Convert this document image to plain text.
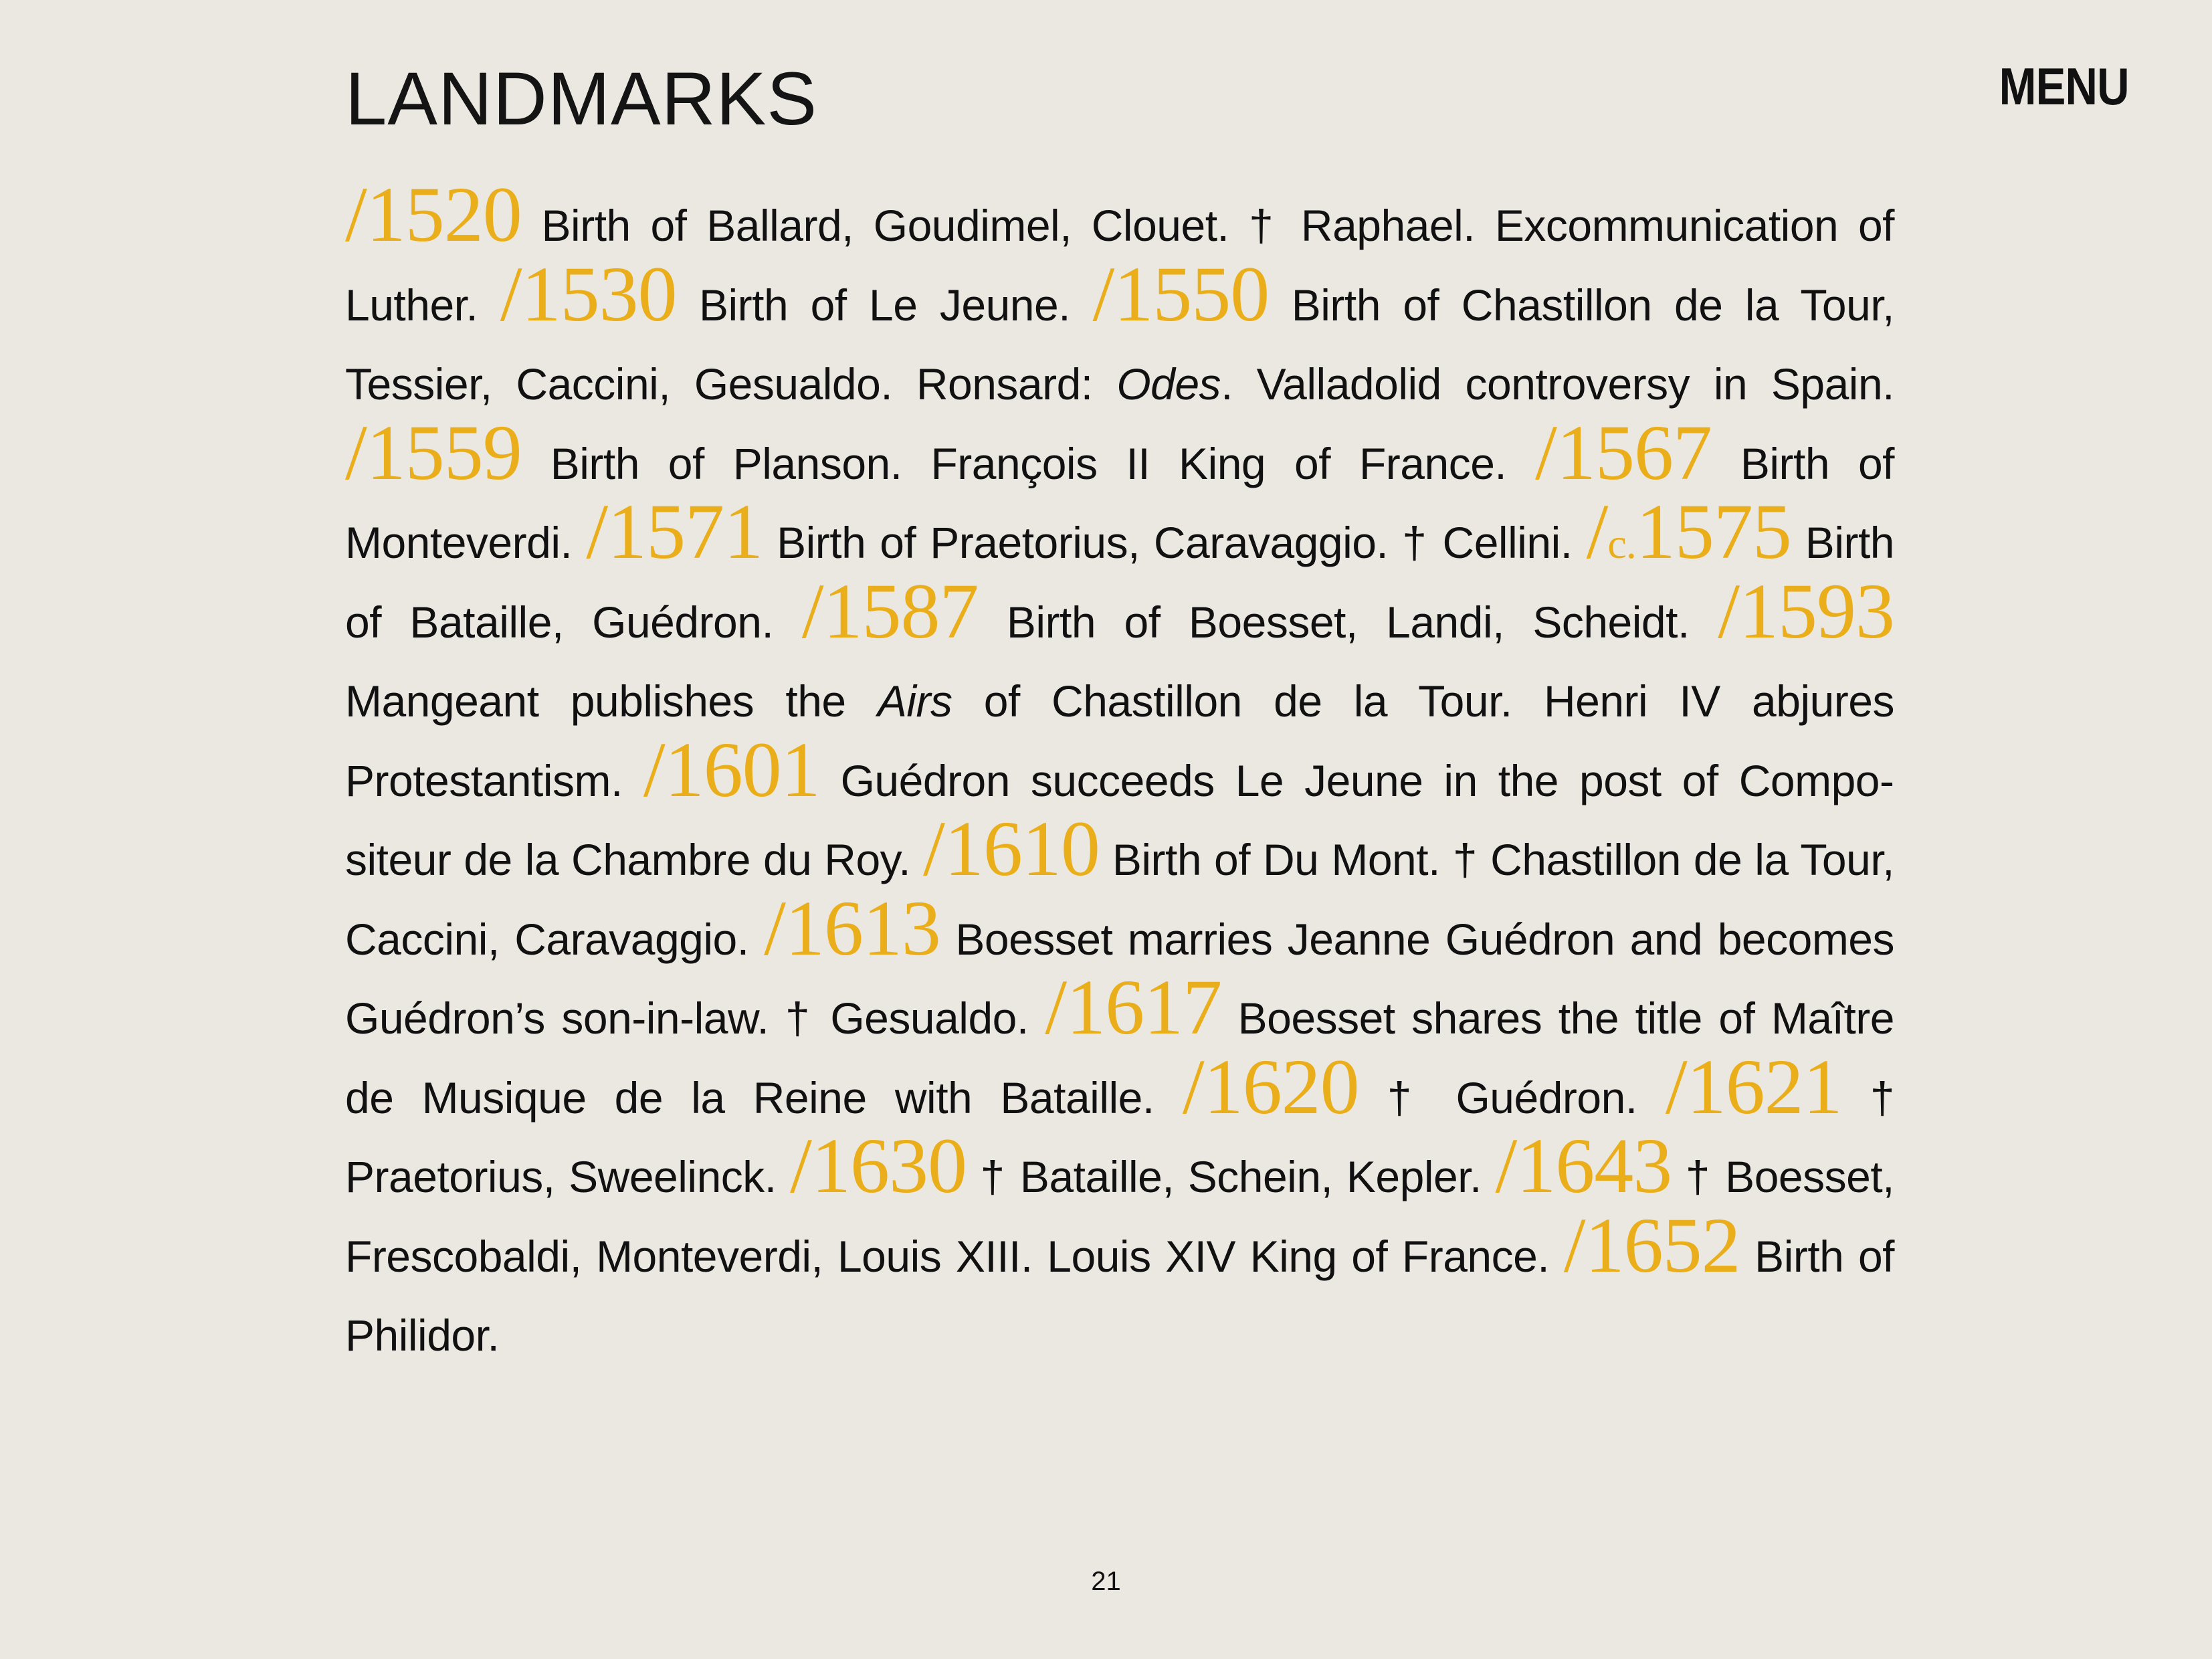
LANDMARKS	MENU
/1520 Birth of Ballard, Goudimel, Clouet. † Raphael. Excommunication of Luther. /1530 Birth of Le Jeune. /1550 Birth of Chastillon de la Tour, Tessier, Caccini, Gesualdo. Ronsard: Odes. Valladolid controversy in Spain. /1559 Birth of Planson. François II King of France. /1567 Birth of Monteverdi. /1571 Birth of Praetorius, Caravaggio. † Cellini. /c.1575 Birth of Bataille, Guédron. /1587 Birth of Boesset, Landi, Scheidt. /1593 Mangeant publishes the Airs of Chastillon de la Tour. Henri IV abjures Protestantism. /1601 Guédron succeeds Le Jeune in the post of Compositeur de la Chambre du Roy. /1610 Birth of Du Mont. † Chastillon de la Tour, Caccini, Caravaggio. /1613 Boesset marries Jeanne Guédron and becomes Guédron’s son-in-law. † Gesualdo. /1617 Boesset shares the title of Maître de Musique de la Reine with Bataille. /1620 † Guédron. /1621 † Praetorius, Sweelinck. /1630 † Bataille, Schein, Kepler. /1643 † Boesset, Frescobaldi, Monteverdi, Louis XIII. Louis XIV King of France. /1652 Birth of Philidor.
21
